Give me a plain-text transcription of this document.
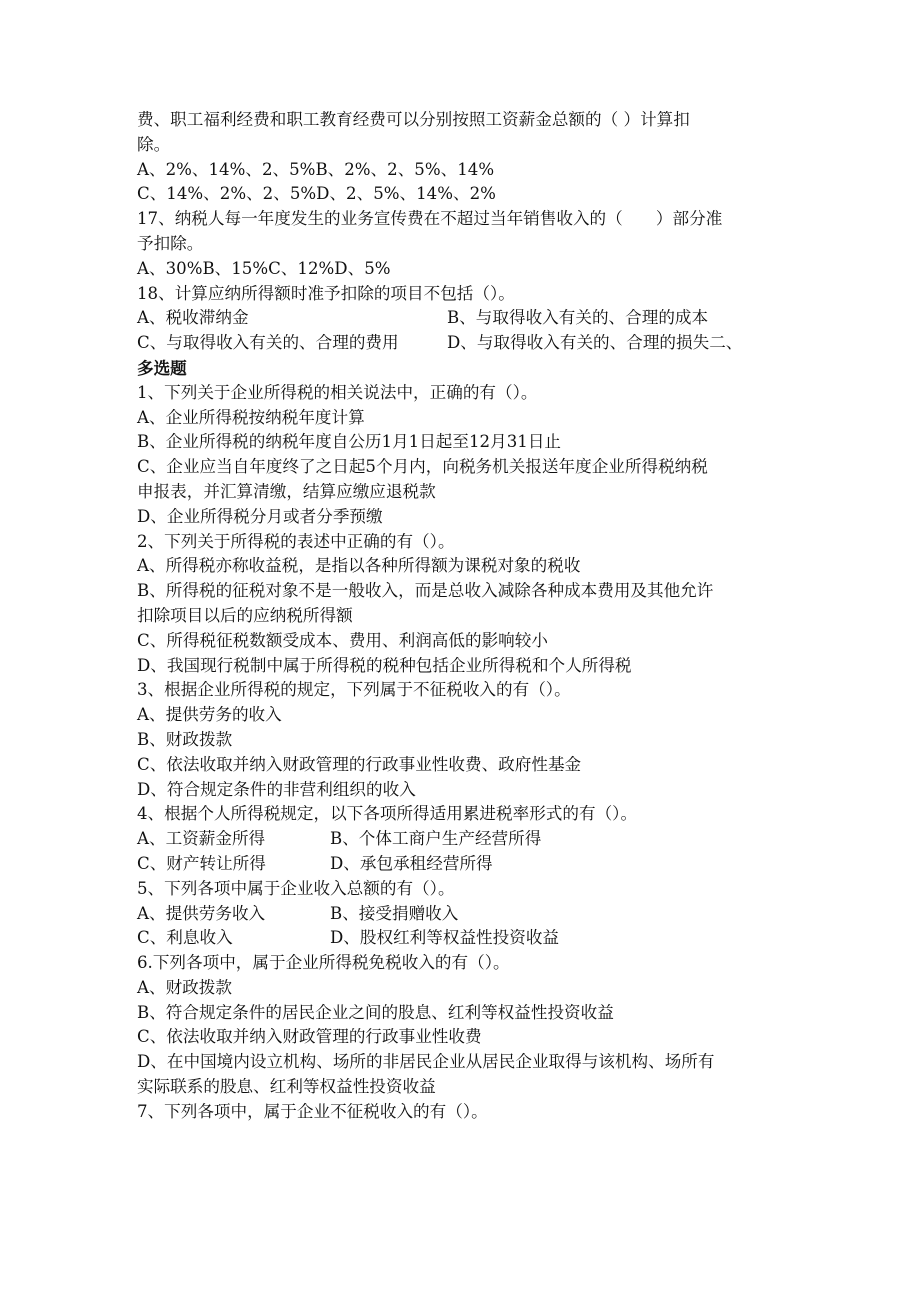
费、职工福利经费和职工教育经费可以分别按照工资薪金总额的（ ）计算扣
除。
A、2%、14%、2、5%B、2%、2、5%、14%
C、14%、2%、2、5%D、2、5%、14%、2%
17、纳税人每一年度发生的业务宣传费在不超过当年销售收入的（　　）部分准
予扣除。
A、30%B、15%C、12%D、5%
18、计算应纳所得额时准予扣除的项目不包括（）。
A、税收滞纳金	B、与取得收入有关的、合理的成本
C、与取得收入有关的、合理的费用	D、与取得收入有关的、合理的损失二、
多选题
1、下列关于企业所得税的相关说法中，正确的有（）。
A、企业所得税按纳税年度计算
B、企业所得税的纳税年度自公历1月1日起至12月31日止
C、企业应当自年度终了之日起5个月内，向税务机关报送年度企业所得税纳税
申报表，并汇算清缴，结算应缴应退税款
D、企业所得税分月或者分季预缴
2、下列关于所得税的表述中正确的有（）。
A、所得税亦称收益税，是指以各种所得额为课税对象的税收
B、所得税的征税对象不是一般收入，而是总收入减除各种成本费用及其他允许
扣除项目以后的应纳税所得额
C、所得税征税数额受成本、费用、利润高低的影响较小
D、我国现行税制中属于所得税的税种包括企业所得税和个人所得税
3、根据企业所得税的规定，下列属于不征税收入的有（）。
A、提供劳务的收入
B、财政拨款
C、依法收取并纳入财政管理的行政事业性收费、政府性基金
D、符合规定条件的非营利组织的收入
4、根据个人所得税规定，以下各项所得适用累进税率形式的有（）。
A、工资薪金所得	B、个体工商户生产经营所得
C、财产转让所得	D、承包承租经营所得
5、下列各项中属于企业收入总额的有（）。
A、提供劳务收入	B、接受捐赠收入
C、利息收入	D、股权红利等权益性投资收益
6.下列各项中，属于企业所得税免税收入的有（）。
A、财政拨款
B、符合规定条件的居民企业之间的股息、红利等权益性投资收益
C、依法收取并纳入财政管理的行政事业性收费
D、在中国境内设立机构、场所的非居民企业从居民企业取得与该机构、场所有
实际联系的股息、红利等权益性投资收益
7、下列各项中，属于企业不征税收入的有（）。
